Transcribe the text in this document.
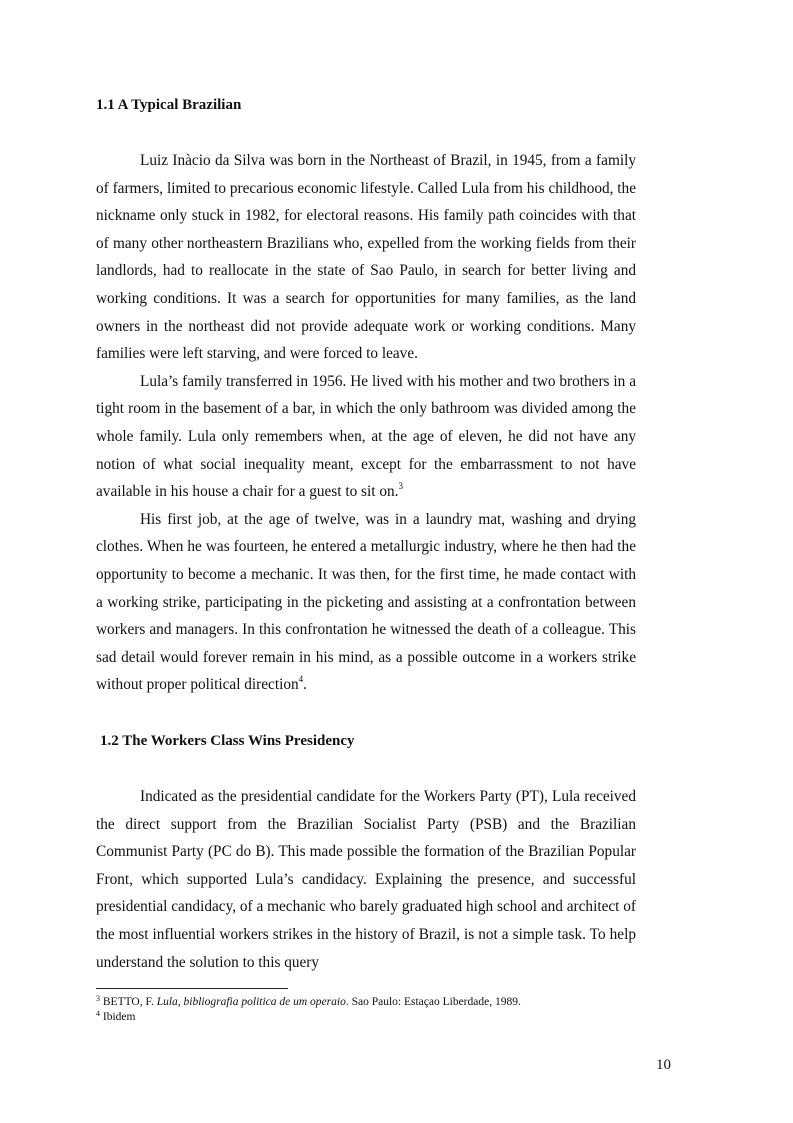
1.1 A Typical Brazilian

Luiz Inàcio da Silva was born in the Northeast of Brazil, in 1945, from a family of farmers, limited to precarious economic lifestyle. Called Lula from his childhood, the nickname only stuck in 1982, for electoral reasons. His family path coincides with that of many other northeastern Brazilians who, expelled from the working fields from their landlords, had to reallocate in the state of Sao Paulo, in search for better living and working conditions. It was a search for opportunities for many families, as the land owners in the northeast did not provide adequate work or working conditions. Many families were left starving, and were forced to leave.

Lula’s family transferred in 1956. He lived with his mother and two brothers in a tight room in the basement of a bar, in which the only bathroom was divided among the whole family. Lula only remembers when, at the age of eleven, he did not have any notion of what social inequality meant, except for the embarrassment to not have available in his house a chair for a guest to sit on.$^3$

His first job, at the age of twelve, was in a laundry mat, washing and drying clothes. When he was fourteen, he entered a metallurgic industry, where he then had the opportunity to become a mechanic. It was then, for the first time, he made contact with a working strike, participating in the picketing and assisting at a confrontation between workers and managers. In this confrontation he witnessed the death of a colleague. This sad detail would forever remain in his mind, as a possible outcome in a workers strike without proper political direction$^4$.

1.2 The Workers Class Wins Presidency

Indicated as the presidential candidate for the Workers Party (PT), Lula received the direct support from the Brazilian Socialist Party (PSB) and the Brazilian Communist Party (PC do B). This made possible the formation of the Brazilian Popular Front, which supported Lula’s candidacy. Explaining the presence, and successful presidential candidacy, of a mechanic who barely graduated high school and architect of the most influential workers strikes in the history of Brazil, is not a simple task. To help understand the solution to this query

$^3$ BETTO, F. Lula, bibliografia politica de um operaio. Sao Paulo: Estaçao Liberdade, 1989.
$^4$ Ibidem
10
